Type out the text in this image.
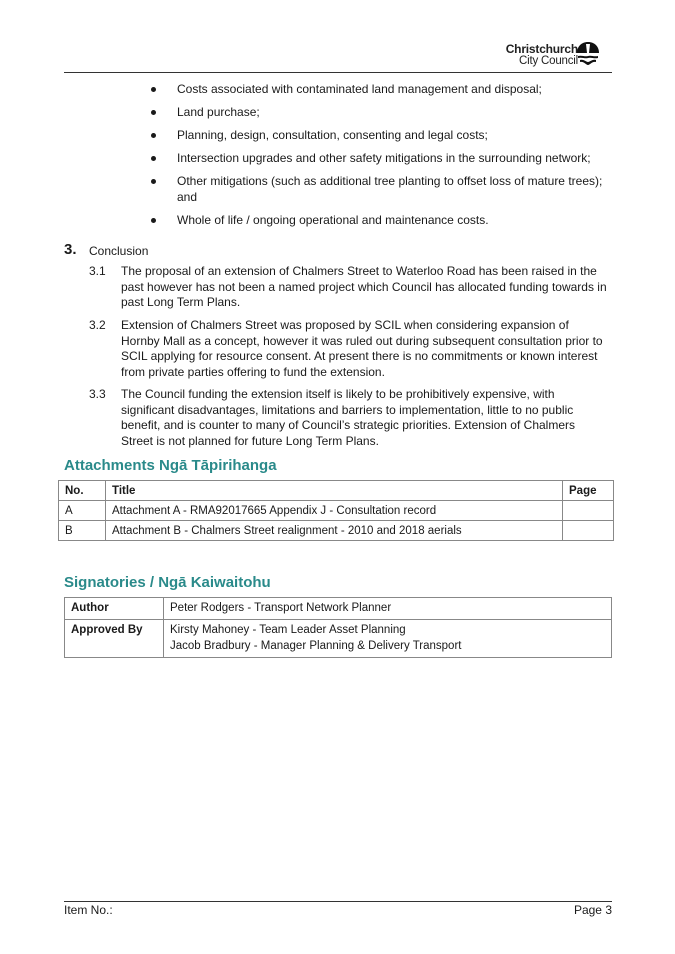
Christchurch
City Council
Costs associated with contaminated land management and disposal;
Land purchase;
Planning, design, consultation, consenting and legal costs;
Intersection upgrades and other safety mitigations in the surrounding network;
Other mitigations (such as additional tree planting to offset loss of mature trees); and
Whole of life / ongoing operational and maintenance costs.
3. Conclusion
3.1 The proposal of an extension of Chalmers Street to Waterloo Road has been raised in the past however has not been a named project which Council has allocated funding towards in past Long Term Plans.
3.2 Extension of Chalmers Street was proposed by SCIL when considering expansion of Hornby Mall as a concept, however it was ruled out during subsequent consultation prior to SCIL applying for resource consent. At present there is no commitments or known interest from private parties offering to fund the extension.
3.3 The Council funding the extension itself is likely to be prohibitively expensive, with significant disadvantages, limitations and barriers to implementation, little to no public benefit, and is counter to many of Council’s strategic priorities. Extension of Chalmers Street is not planned for future Long Term Plans.
Attachments Ngā Tāpirihanga
No.	Title	Page
A	Attachment A - RMA92017665 Appendix J - Consultation record	
B	Attachment B - Chalmers Street realignment - 2010 and 2018 aerials	
Signatories / Ngā Kaiwaitohu
Author	Peter Rodgers - Transport Network Planner
Approved By	Kirsty Mahoney - Team Leader Asset Planning
Jacob Bradbury - Manager Planning & Delivery Transport
Item No.:	Page 3
